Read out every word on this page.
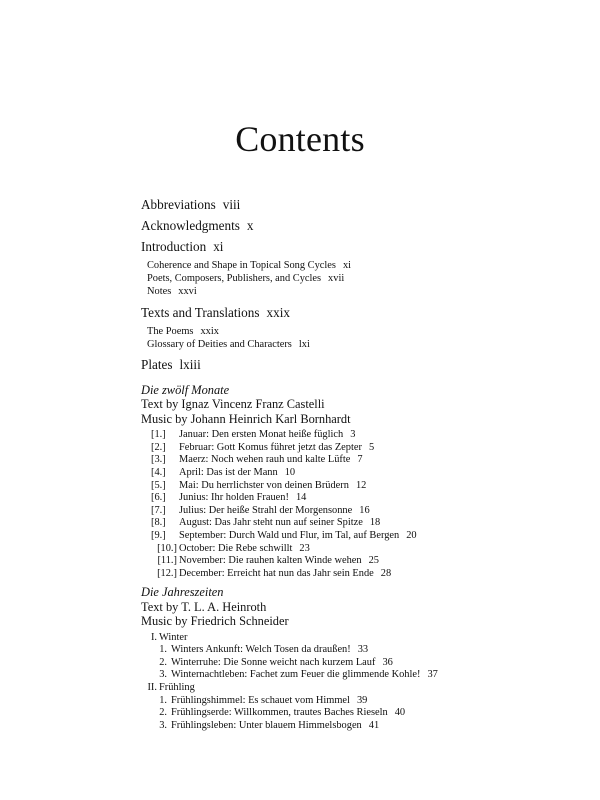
Contents
Abbreviations viii
Acknowledgments x
Introduction xi
Coherence and Shape in Topical Song Cycles xi
Poets, Composers, Publishers, and Cycles xvii
Notes xxvi
Texts and Translations xxix
The Poems xxix
Glossary of Deities and Characters lxi
Plates lxiii
Die zwölf Monate
Text by Ignaz Vincenz Franz Castelli
Music by Johann Heinrich Karl Bornhardt
[1.]	Januar: Den ersten Monat heiße füglich 3
[2.]	Februar: Gott Komus führet jetzt das Zepter 5
[3.]	Maerz: Noch wehen rauh und kalte Lüfte 7
[4.]	April: Das ist der Mann 10
[5.]	Mai: Du herrlichster von deinen Brüdern 12
[6.]	Junius: Ihr holden Frauen! 14
[7.]	Julius: Der heiße Strahl der Morgensonne 16
[8.]	August: Das Jahr steht nun auf seiner Spitze 18
[9.]	September: Durch Wald und Flur, im Tal, auf Bergen 20
[10.] October: Die Rebe schwillt 23
[11.] November: Die rauhen kalten Winde wehen 25
[12.] December: Erreicht hat nun das Jahr sein Ende 28
Die Jahreszeiten
Text by T. L. A. Heinroth
Music by Friedrich Schneider
I. Winter
1. Winters Ankunft: Welch Tosen da draußen! 33
2. Winterruhe: Die Sonne weicht nach kurzem Lauf 36
3. Winternachtleben: Fachet zum Feuer die glimmende Kohle! 37
II. Frühling
1. Frühlingshimmel: Es schauet vom Himmel 39
2. Frühlingserde: Willkommen, trautes Baches Rieseln 40
3. Frühlingsleben: Unter blauem Himmelsbogen 41
